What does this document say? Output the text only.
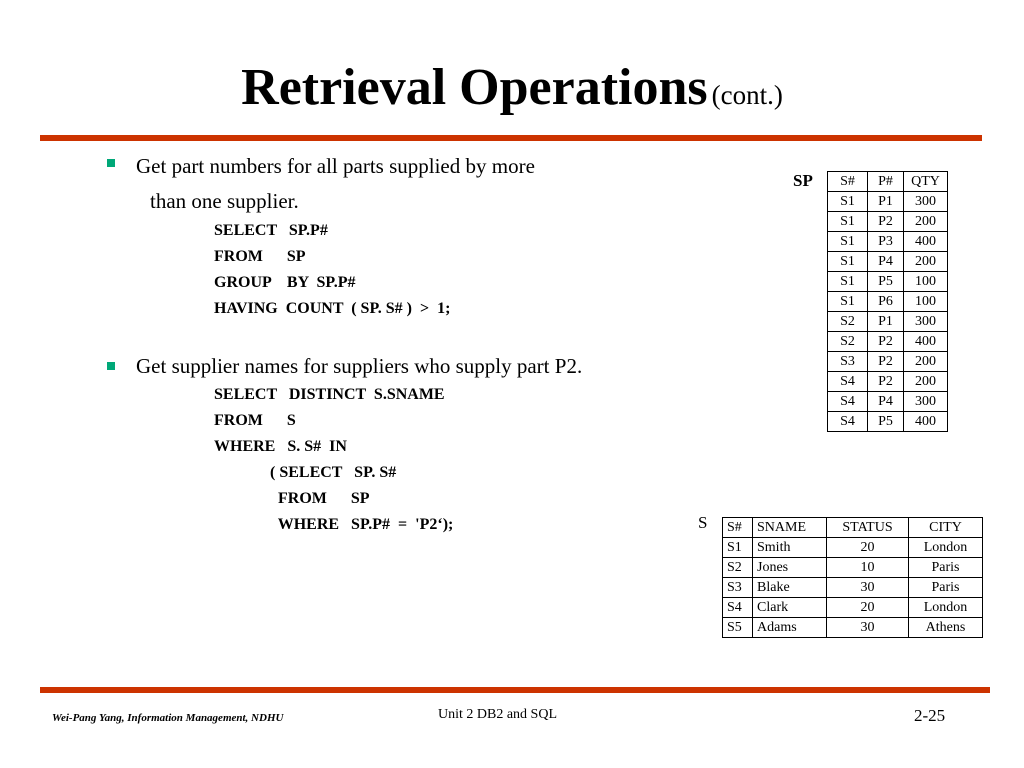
Retrieval Operations (cont.)
Get part numbers for all parts supplied by more
than one supplier.
SELECT   SP.P#
FROM      SP
GROUP    BY  SP.P#
HAVING  COUNT  ( SP. S# )  >  1;
Get supplier names for suppliers who supply part P2.
SELECT   DISTINCT  S.SNAME
FROM      S
WHERE   S. S#  IN
( SELECT   SP. S#
FROM      SP
WHERE   SP.P#  =  'P2‘);
SP S#	P#	QTY
S1	P1	300
S1	P2	200
S1	P3	400
S1	P4	200
S1	P5	100
S1	P6	100
S2	P1	300
S2	P2	400
S3	P2	200
S4	P2	200
S4	P4	300
S4	P5	400
S S#	SNAME	STATUS	CITY
S1	Smith	20	London
S2	Jones	10	Paris
S3	Blake	30	Paris
S4	Clark	20	London
S5	Adams	30	Athens
Wei-Pang Yang, Information Management, NDHU	Unit 2 DB2 and SQL	2-25
